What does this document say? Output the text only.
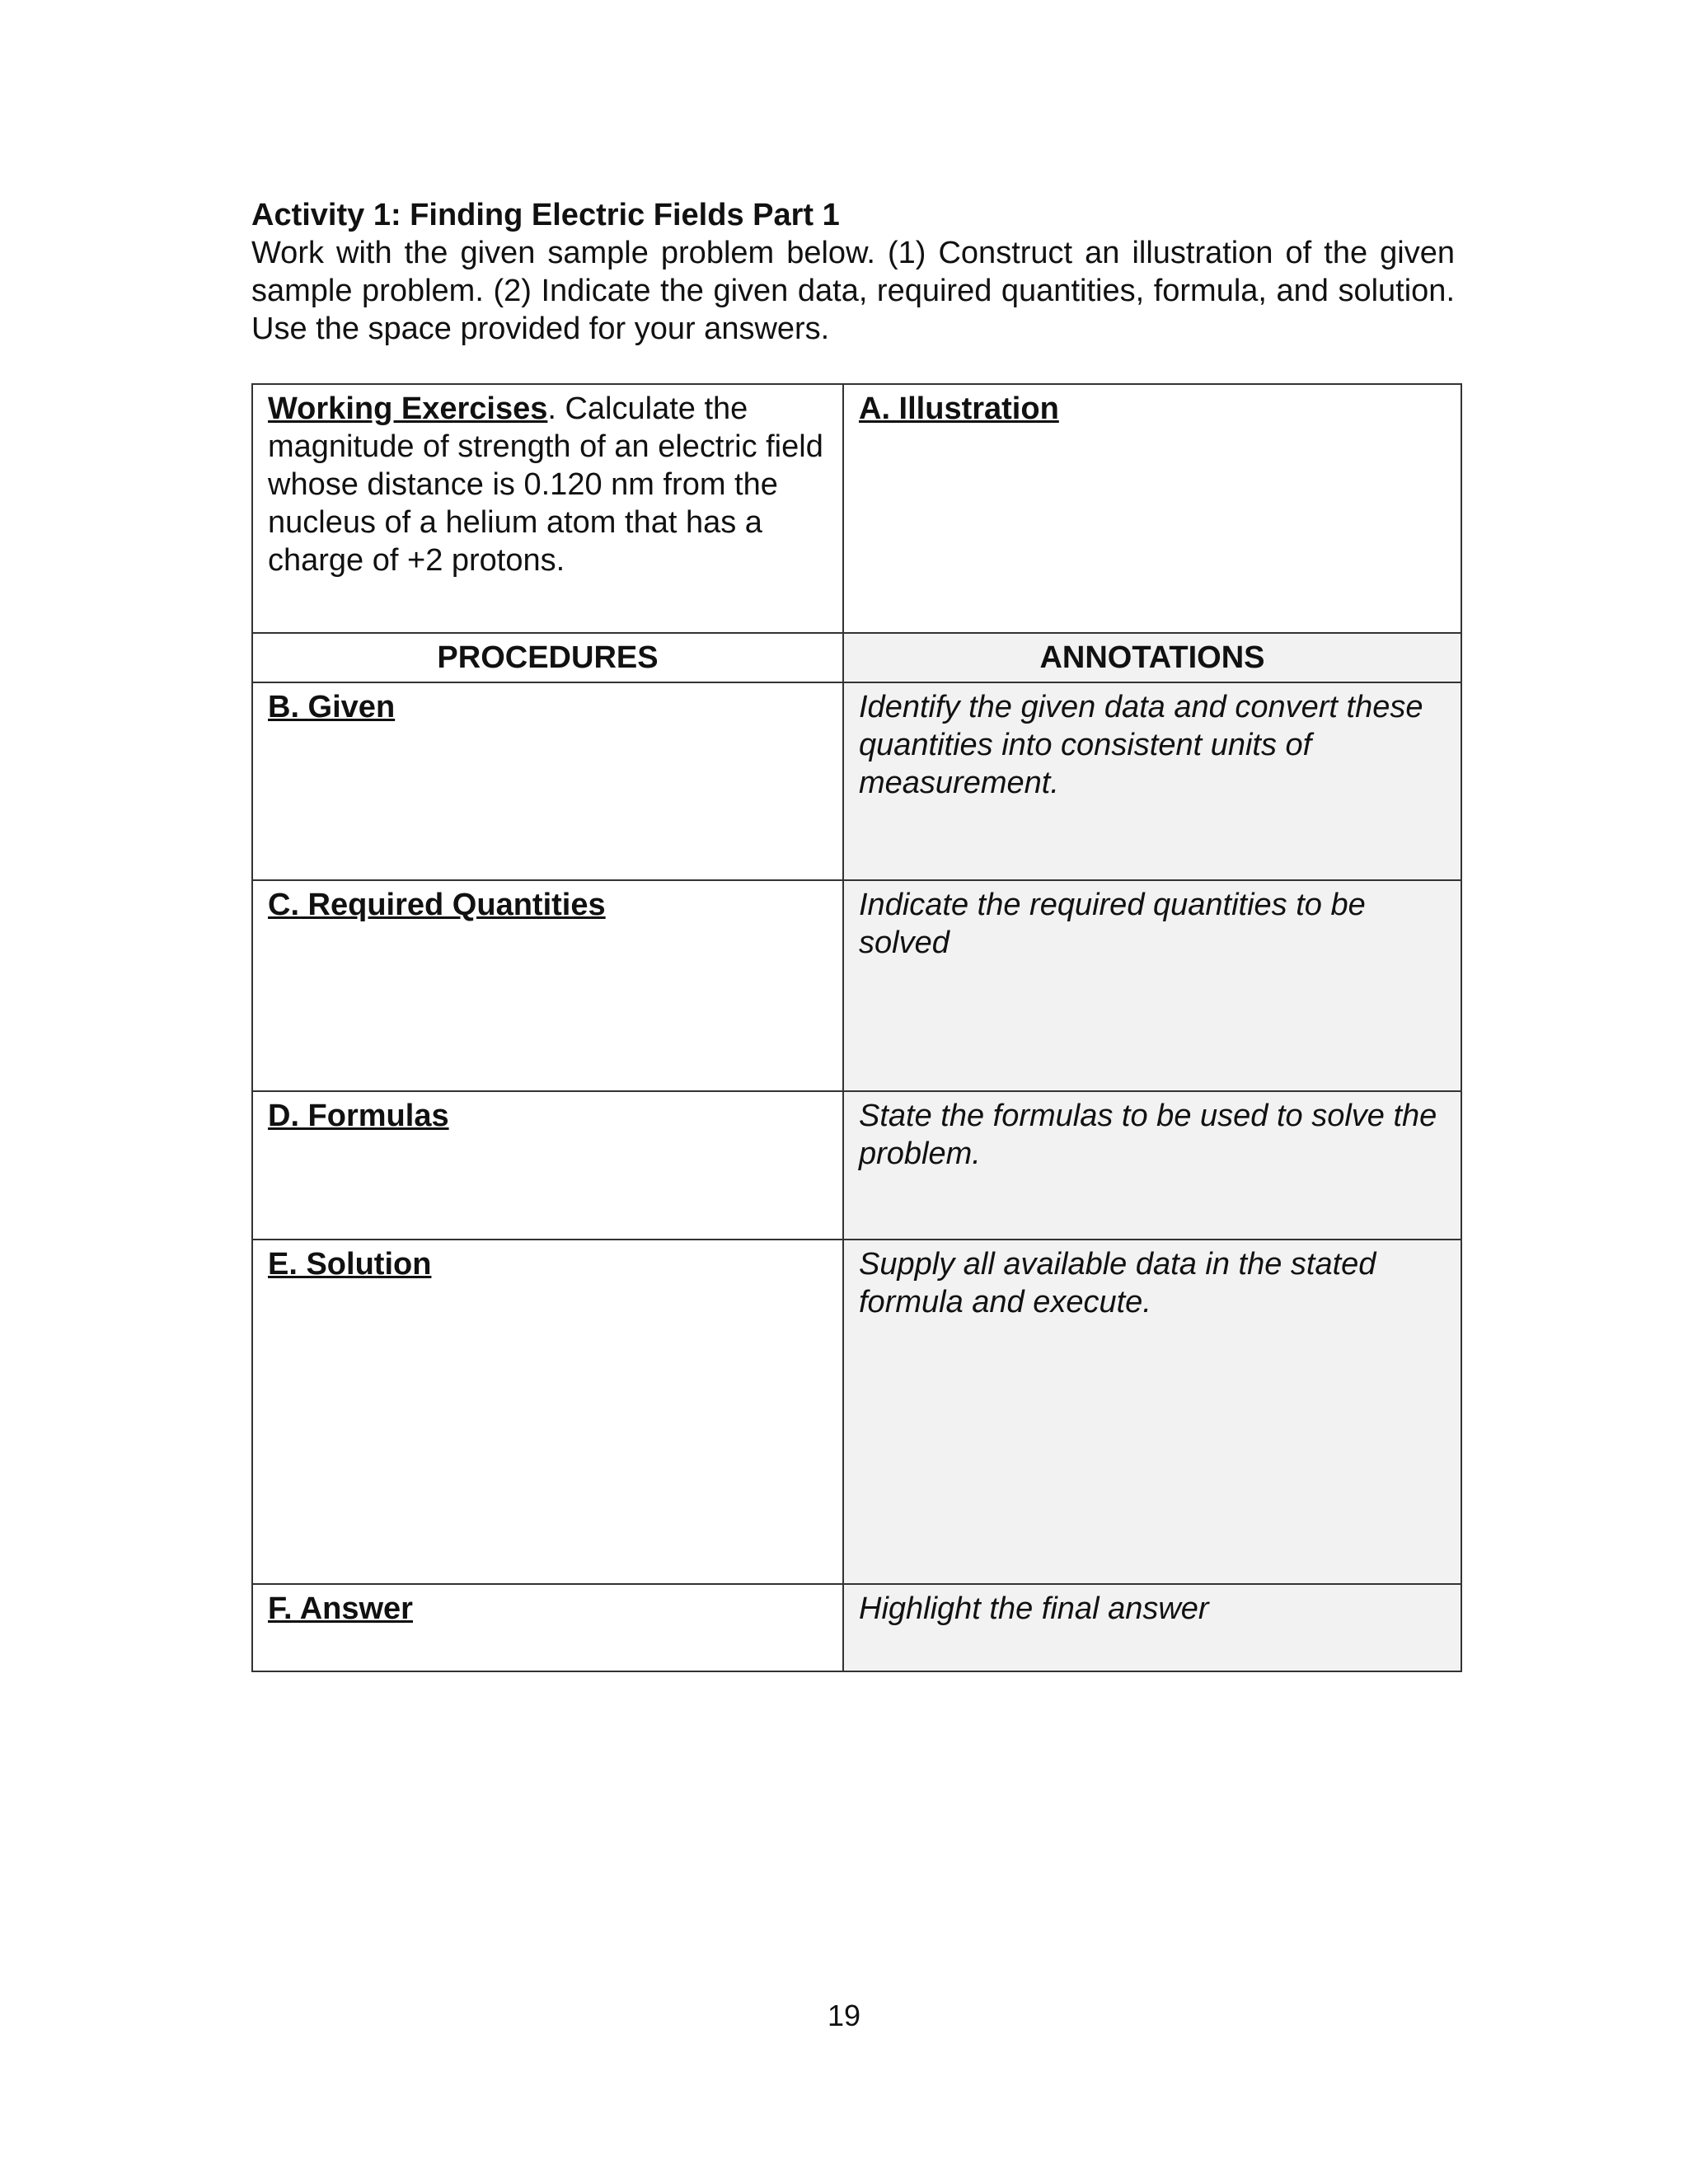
Activity 1: Finding Electric Fields Part 1
Work with the given sample problem below. (1) Construct an illustration of the given sample problem. (2) Indicate the given data, required quantities, formula, and solution. Use the space provided for your answers.
Working Exercises. Calculate the magnitude of strength of an electric field whose distance is 0.120 nm from the nucleus of a helium atom that has a charge of +2 protons.	A. Illustration
PROCEDURES	ANNOTATIONS
B. Given	Identify the given data and convert these quantities into consistent units of measurement.
C. Required Quantities	Indicate the required quantities to be solved
D. Formulas	State the formulas to be used to solve the problem.
E. Solution	Supply all available data in the stated formula and execute.
F. Answer	Highlight the final answer
19
